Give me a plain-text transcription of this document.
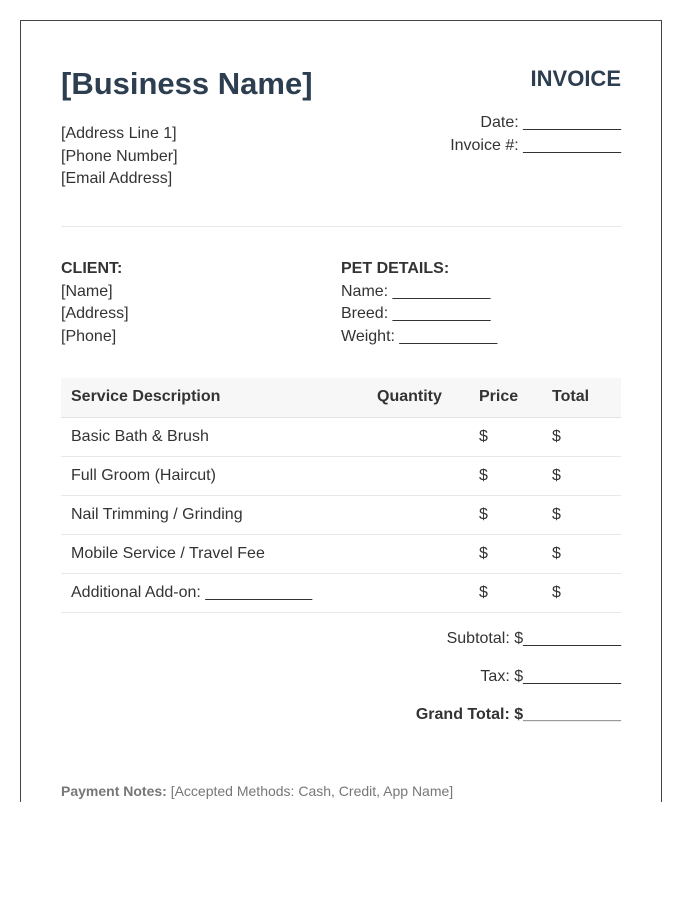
[Business Name]	INVOICE
[Address Line 1]
[Phone Number]
[Email Address]
Date: ___________
Invoice #: ___________
CLIENT:
[Name]
[Address]
[Phone]
PET DETAILS:
Name: ___________
Breed: ___________
Weight: ___________
Service Description	Quantity	Price	Total
Basic Bath & Brush		$	$
Full Groom (Haircut)		$	$
Nail Trimming / Grinding		$	$
Mobile Service / Travel Fee		$	$
Additional Add-on: ____________		$	$
Subtotal: $___________
Tax: $___________
Grand Total: $___________
Payment Notes: [Accepted Methods: Cash, Credit, App Name]
